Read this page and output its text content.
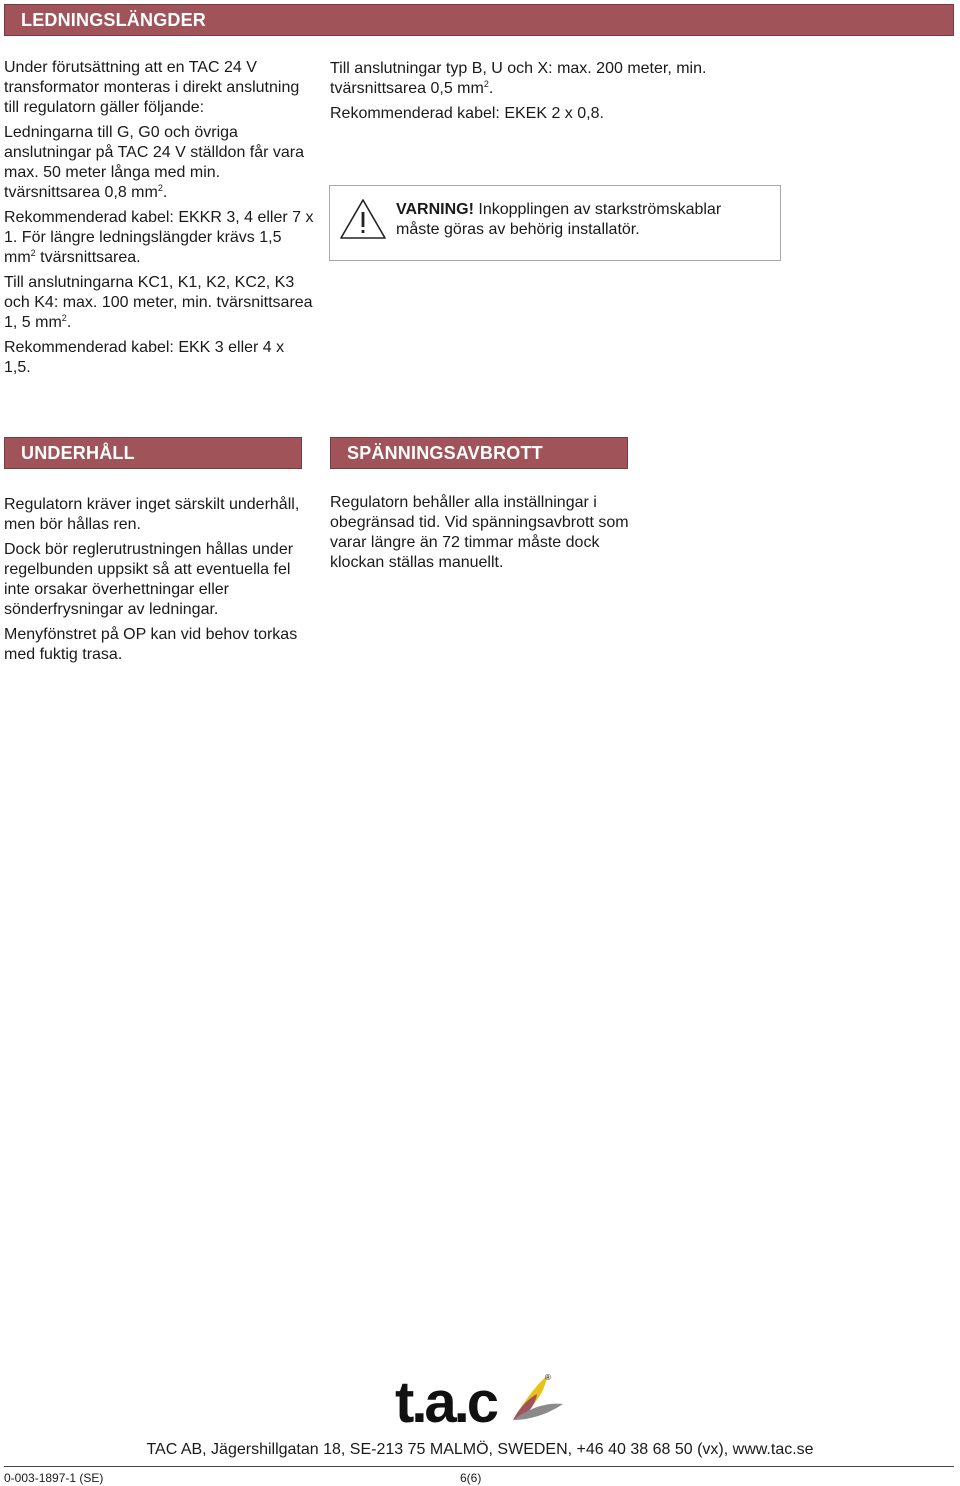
LEDNINGSLÄNGDER

Under förutsättning att en TAC 24 V transformator monteras i direkt anslutning till regulatorn gäller följande:

Ledningarna till G, G0 och övriga anslutningar på TAC 24 V ställdon får vara max. 50 meter långa med min. tvärsnittsarea 0,8 $mm^2$.

Rekommenderad kabel: EKKR 3, 4 eller 7 x 1. För längre ledningslängder krävs 1,5 $mm^2$ tvärsnittsarea.

Till anslutningarna KC1, K1, K2, KC2, K3 och K4: max. 100 meter, min. tvärsnittsarea 1, 5 $mm^2$.

Rekommenderad kabel: EKK 3 eller 4 x 1,5.

Till anslutningar typ B, U och X: max. 200 meter, min. tvärsnittsarea 0,5 $mm^2$.

Rekommenderad kabel: EKEK 2 x 0,8.

VARNING! Inkopplingen av starkströmskablar måste göras av behörig installatör.
UNDERHÅLL

Regulatorn kräver inget särskilt underhåll, men bör hållas ren.

Dock bör reglerutrustningen hållas under regelbunden uppsikt så att eventuella fel inte orsakar överhettningar eller sönderfrysningar av ledningar.

Menyfönstret på OP kan vid behov torkas med fuktig trasa.

SPÄNNINGSAVBROTT

Regulatorn behåller alla inställningar i obegränsad tid. Vid spänningsavbrott som varar längre än 72 timmar måste dock klockan ställas manuellt.

t.a.c	®
TAC AB, Jägershillgatan 18, SE-213 75 MALMÖ, SWEDEN, +46 40 38 68 50 (vx), www.tac.se
0-003-1897-1 (SE)	6(6)
